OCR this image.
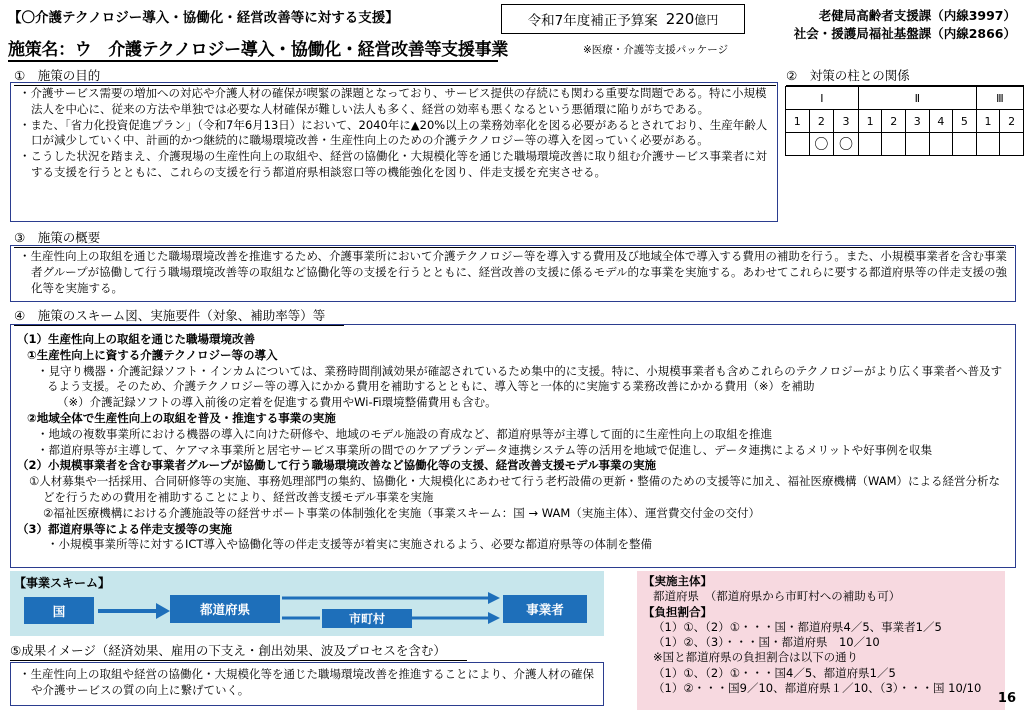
【〇介護テクノロジー導入・協働化・経営改善等に対する支援】	令和7年度補正予算案 220 億円	老健局高齢者支援課（内線3997）
社会・援護局福祉基盤課（内線2866）
施策名：ウ　介護テクノロジー導入・協働化・経営改善等支援事業	※医療・介護等支援パッケージ
①　施策の目的
・介護サービス需要の増加への対応や介護人材の確保が喫緊の課題となっており、サービス提供の存続にも関わる重要な問題である。特に小規模法人を中心に、従来の方法や単独では必要な人材確保が難しい法人も多く、経営の効率も悪くなるという悪循環に陥りがちである。
・また、「省力化投資促進プラン」（令和7年6月13日）において、2040年に▲20%以上の業務効率化を図る必要があるとされており、生産年齢人口が減少していく中、計画的かつ継続的に職場環境改善・生産性向上のための介護テクノロジー等の導入を図っていく必要がある。
・こうした状況を踏まえ、介護現場の生産性向上の取組や、経営の協働化・大規模化等を通じた職場環境改善に取り組む介護サービス事業者に対する支援を行うとともに、これらの支援を行う都道府県相談窓口等の機能強化を図り、伴走支援を充実させる。
②　対策の柱との関係
Ⅰ			Ⅱ					Ⅲ	
1	2	3	1	2	3	4	5	1	2
	〇	〇							
③　施策の概要
・生産性向上の取組を通じた職場環境改善を推進するため、介護事業所において介護テクノロジー等を導入する費用及び地域全体で導入する費用の補助を行う。また、小規模事業者を含む事業者グループが協働して行う職場環境改善等の取組など協働化等の支援を行うとともに、経営改善の支援に係るモデル的な事業を実施する。あわせてこれらに要する都道府県等の伴走支援の強化等を実施する。
④　施策のスキーム図、実施要件（対象、補助率等）等
（1）生産性向上の取組を通じた職場環境改善
①生産性向上に資する介護テクノロジー等の導入
・見守り機器・介護記録ソフト・インカムについては、業務時間削減効果が確認されているため集中的に支援。特に、小規模事業者も含めこれらのテクノロジーがより広く事業者へ普及するよう支援。そのため、介護テクノロジー等の導入にかかる費用を補助するとともに、導入等と一体的に実施する業務改善にかかる費用（※）を補助
（※）介護記録ソフトの導入前後の定着を促進する費用やWi-Fi環境整備費用も含む。
②地域全体で生産性向上の取組を普及・推進する事業の実施
・地域の複数事業所における機器の導入に向けた研修や、地域のモデル施設の育成など、都道府県等が主導して面的に生産性向上の取組を推進
・都道府県等が主導して、ケアマネ事業所と居宅サービス事業所の間でのケアプランデータ連携システム等の活用を地域で促進し、データ連携によるメリットや好事例を収集
（2）小規模事業者を含む事業者グループが協働して行う職場環境改善など協働化等の支援、経営改善支援モデル事業の実施
①人材募集や一括採用、合同研修等の実施、事務処理部門の集約、協働化・大規模化にあわせて行う老朽設備の更新・整備のための支援等に加え、福祉医療機構（WAM）による経営分析などを行うための費用を補助することにより、経営改善支援モデル事業を実施
②福祉医療機構における介護施設等の経営サポート事業の体制強化を実施（事業スキーム：国 → WAM（実施主体）、運営費交付金の交付）
（3）都道府県等による伴走支援等の実施
・小規模事業所等に対するICT導入や協働化等の伴走支援等が着実に実施されるよう、必要な都道府県等の体制を整備
【事業スキーム】
国	都道府県
市町村
事業者
⑤成果イメージ（経済効果、雇用の下支え・創出効果、波及プロセスを含む）
・生産性向上の取組や経営の協働化・大規模化等を通じた職場環境改善を推進することにより、介護人材の確保や介護サービスの質の向上に繋げていく。
【実施主体】
都道府県　（都道府県から市町村への補助も可）
【負担割合】
（1）①、（2）①・・・国・都道府県4／5、事業者1／5
（1）②、（3）・・・国・都道府県　10／10
※国と都道府県の負担割合は以下の通り
（1）①、（2）①・・・国4／5、都道府県1／5
（1）②・・・国9／10、都道府県１／10、（3）・・・国 10/10
16
